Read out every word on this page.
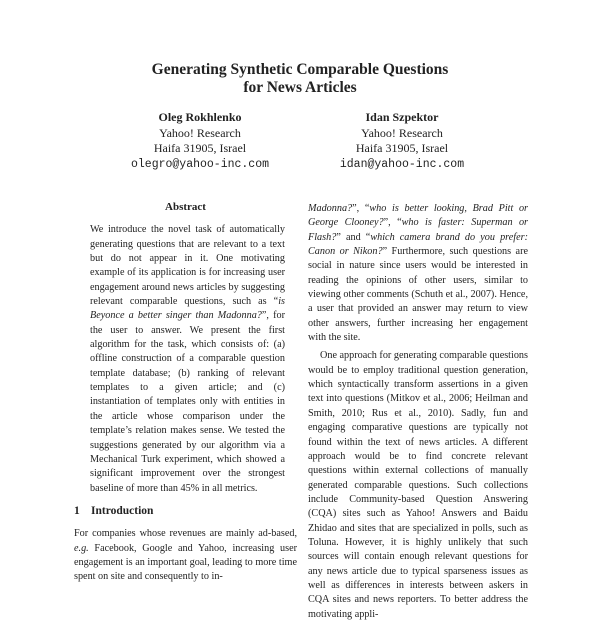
Generating Synthetic Comparable Questions
for News Articles
Oleg Rokhlenko
Yahoo! Research
Haifa 31905, Israel
olegro@yahoo-inc.com
Idan Szpektor
Yahoo! Research
Haifa 31905, Israel
idan@yahoo-inc.com
Abstract
We introduce the novel task of automatically generating questions that are relevant to a text but do not appear in it. One motivating example of its application is for increasing user engagement around news articles by suggesting relevant comparable questions, such as “is Beyonce a better singer than Madonna?”, for the user to answer. We present the first algorithm for the task, which consists of: (a) offline construction of a comparable question template database; (b) ranking of relevant templates to a given article; and (c) instantiation of templates only with entities in the article whose comparison under the template’s relation makes sense. We tested the suggestions generated by our algorithm via a Mechanical Turk experiment, which showed a significant improvement over the strongest baseline of more than 45% in all metrics.
1 Introduction

For companies whose revenues are mainly ad-based, e.g. Facebook, Google and Yahoo, increasing user engagement is an important goal, leading to more time spent on site and consequently to in-

Madonna?”, “who is better looking, Brad Pitt or George Clooney?”, “who is faster: Superman or Flash?” and “which camera brand do you prefer: Canon or Nikon?” Furthermore, such questions are social in nature since users would be interested in reading the opinions of other users, similar to viewing other comments (Schuth et al., 2007). Hence, a user that provided an answer may return to view other answers, further increasing her engagement with the site.

One approach for generating comparable questions would be to employ traditional question generation, which syntactically transform assertions in a given text into questions (Mitkov et al., 2006; Heilman and Smith, 2010; Rus et al., 2010). Sadly, fun and engaging comparative questions are typically not found within the text of news articles. A different approach would be to find concrete relevant questions within external collections of manually generated comparable questions. Such collections include Community-based Question Answering (CQA) sites such as Yahoo! Answers and Baidu Zhidao and sites that are specialized in polls, such as Toluna. However, it is highly unlikely that such sources will contain enough relevant questions for any news article due to typical sparseness issues as well as differences in interests between askers in CQA sites and news reporters. To better address the motivating appli-
